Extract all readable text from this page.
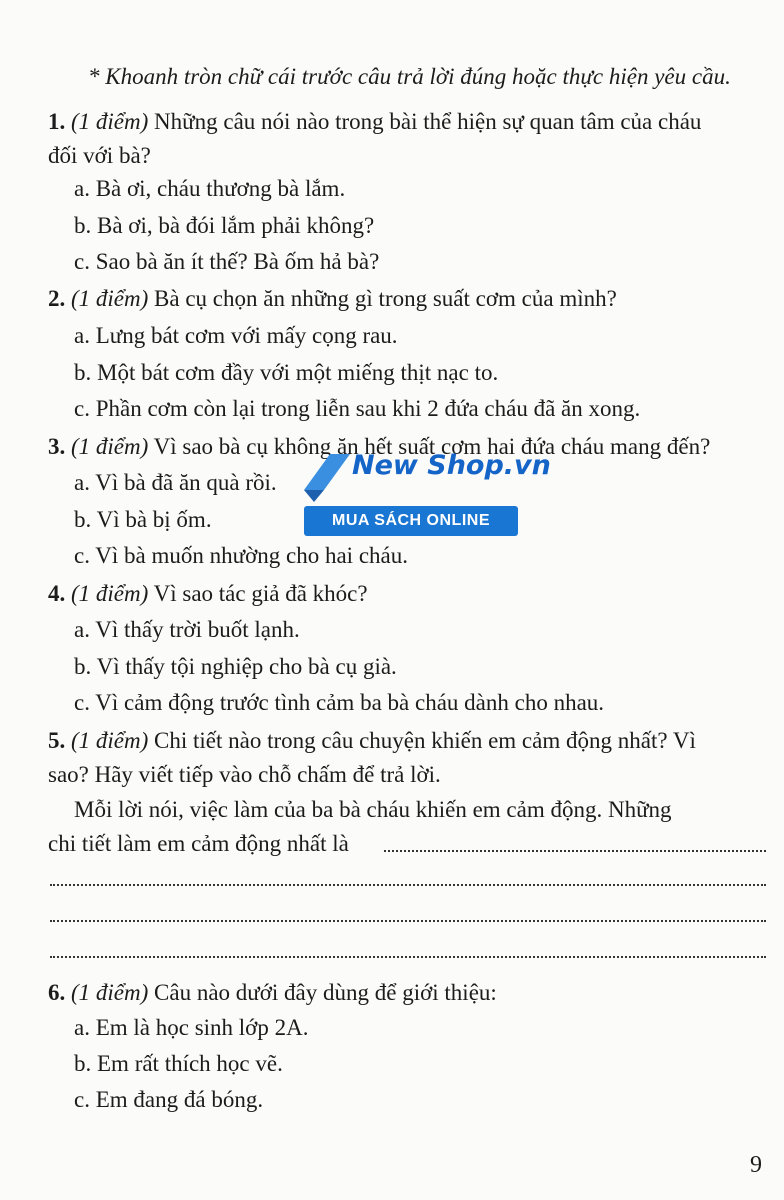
* Khoanh tròn chữ cái trước câu trả lời đúng hoặc thực hiện yêu cầu.
1. (1 điểm) Những câu nói nào trong bài thể hiện sự quan tâm của cháu
đối với bà?
a. Bà ơi, cháu thương bà lắm.
b. Bà ơi, bà đói lắm phải không?
c. Sao bà ăn ít thế? Bà ốm hả bà?
2. (1 điểm) Bà cụ chọn ăn những gì trong suất cơm của mình?
a. Lưng bát cơm với mấy cọng rau.
b. Một bát cơm đầy với một miếng thịt nạc to.
c. Phần cơm còn lại trong liễn sau khi 2 đứa cháu đã ăn xong.
3. (1 điểm) Vì sao bà cụ không ăn hết suất cơm hai đứa cháu mang đến?
a. Vì bà đã ăn quà rồi.
b. Vì bà bị ốm.
c. Vì bà muốn nhường cho hai cháu.
4. (1 điểm) Vì sao tác giả đã khóc?
a. Vì thấy trời buốt lạnh.
b. Vì thấy tội nghiệp cho bà cụ già.
c. Vì cảm động trước tình cảm ba bà cháu dành cho nhau.
5. (1 điểm) Chi tiết nào trong câu chuyện khiến em cảm động nhất? Vì
sao? Hãy viết tiếp vào chỗ chấm để trả lời.
Mỗi lời nói, việc làm của ba bà cháu khiến em cảm động. Những
chi tiết làm em cảm động nhất là
6. (1 điểm) Câu nào dưới đây dùng để giới thiệu:
a. Em là học sinh lớp 2A.
b. Em rất thích học vẽ.
c. Em đang đá bóng.
New Shop.vn
MUA SÁCH ONLINE
9
